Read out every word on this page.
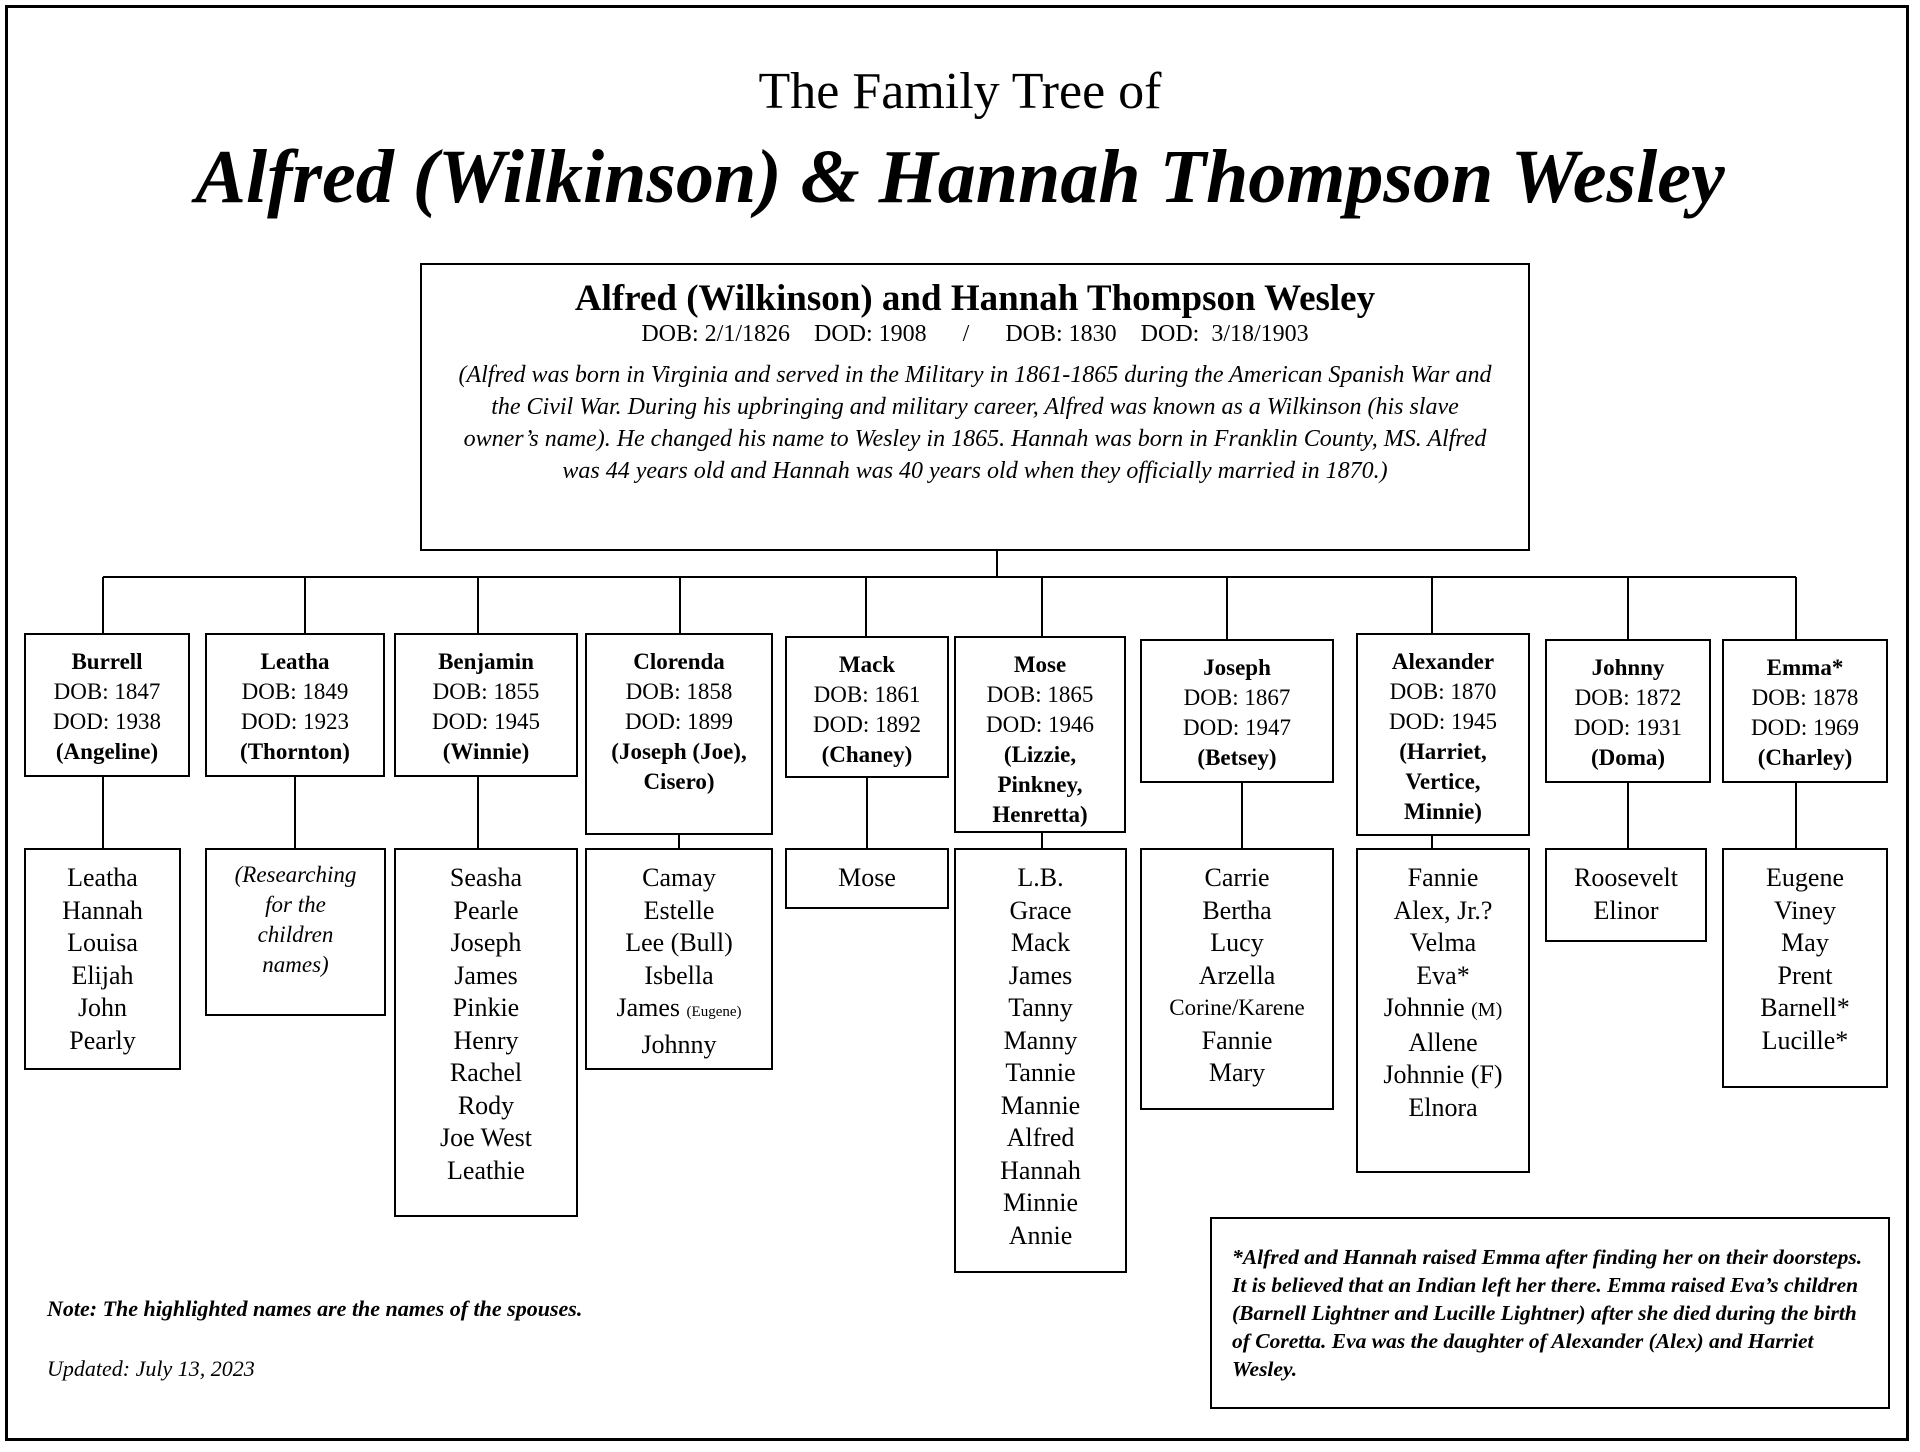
The Family Tree of
Alfred (Wilkinson) & Hannah Thompson Wesley
Alfred (Wilkinson) and Hannah Thompson Wesley
DOB: 2/1/1826    DOD: 1908      /      DOB: 1830    DOD:  3/18/1903
(Alfred was born in Virginia and served in the Military in 1861-1865 during the American Spanish War and the Civil War. During his upbringing and military career, Alfred was known as a Wilkinson (his slave owner’s name). He changed his name to Wesley in 1865. Hannah was born in Franklin County, MS. Alfred was 44 years old and Hannah was 40 years old when they officially married in 1870.)
Burrell
DOB: 1847
DOD: 1938
(Angeline)
Leatha
DOB: 1849
DOD: 1923
(Thornton)
Benjamin
DOB: 1855
DOD: 1945
(Winnie)
Clorenda
DOB: 1858
DOD: 1899
(Joseph (Joe), Cisero)
Mack
DOB: 1861
DOD: 1892
(Chaney)
Mose
DOB: 1865
DOD: 1946
(Lizzie, Pinkney, Henretta)
Joseph
DOB: 1867
DOD: 1947
(Betsey)
Alexander
DOB: 1870
DOD: 1945
(Harriet, Vertice, Minnie)
Johnny
DOB: 1872
DOD: 1931
(Doma)
Emma*
DOB: 1878
DOD: 1969
(Charley)
Leatha
Hannah
Louisa
Elijah
John
Pearly
(Researching
for the
children
names)
Seasha
Pearle
Joseph
James
Pinkie
Henry
Rachel
Rody
Joe West
Leathie
Camay
Estelle
Lee (Bull)
Isbella
James (Eugene)
Johnny
Mose	L.B.
Grace
Mack
James
Tanny
Manny
Tannie
Mannie
Alfred
Hannah
Minnie
Annie
Carrie
Bertha
Lucy
Arzella
Corine/Karene
Fannie
Mary
Fannie
Alex, Jr.?
Velma
Eva*
Johnnie (M)
Allene
Johnnie (F)
Elnora
Roosevelt
Elinor
Eugene
Viney
May
Prent
Barnell*
Lucille*
Note: The highlighted names are the names of the spouses.
Updated: July 13, 2023
*Alfred and Hannah raised Emma after finding her on their doorsteps. It is believed that an Indian left her there. Emma raised Eva’s children (Barnell Lightner and Lucille Lightner) after she died during the birth of Coretta. Eva was the daughter of Alexander (Alex) and Harriet Wesley.
